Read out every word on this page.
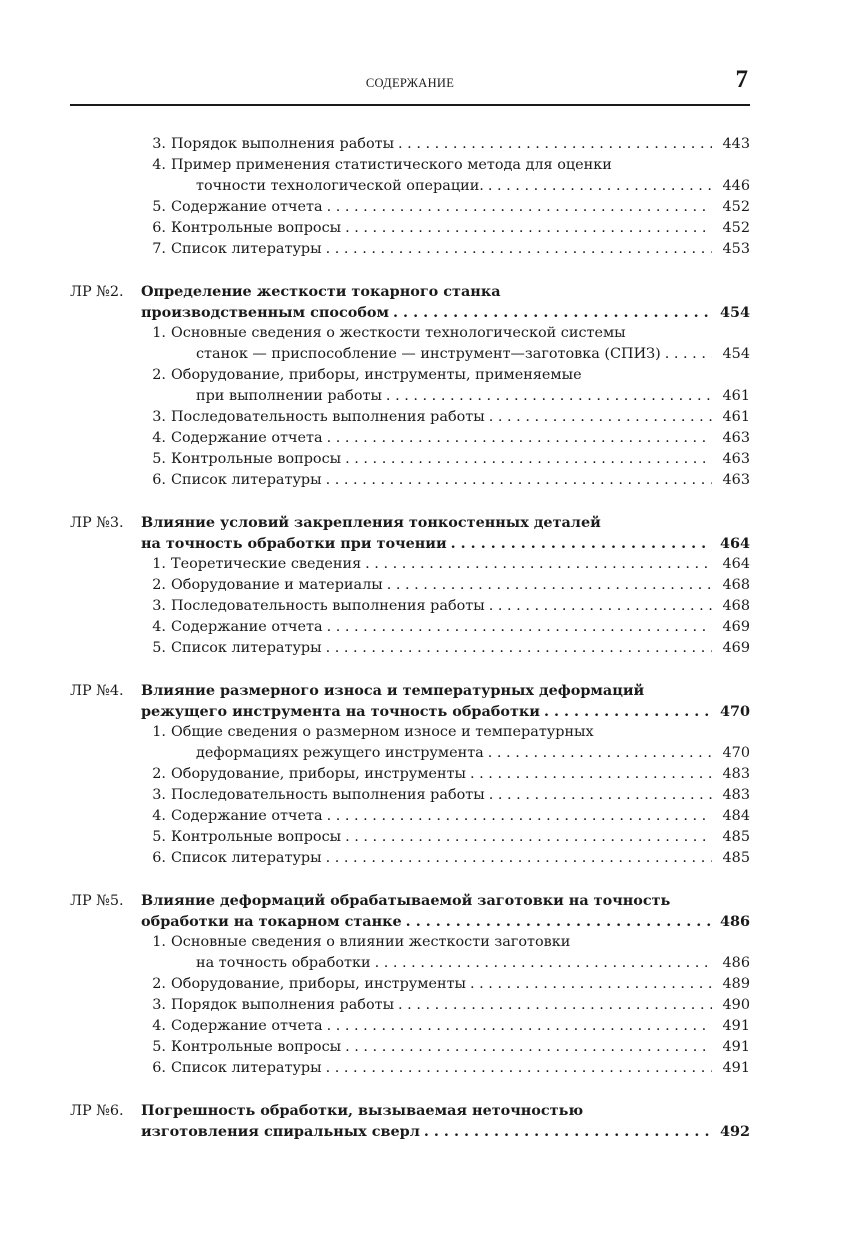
СОДЕРЖАНИЕ	7
3. Порядок выполнения работы . . .	443
4. Пример применения статистического метода для оценки
точности технологической операции. . . .	446
5. Содержание отчета . . .	452
6. Контрольные вопросы . . .	452
7. Список литературы . . .	453
ЛР №2.	Определение жесткости токарного станка
производственным способом . . .	454
1. Основные сведения о жесткости технологической системы
станок — приспособление — инструмент—заготовка (СПИЗ) . . .	454
2. Оборудование, приборы, инструменты, применяемые
при выполнении работы . . .	461
3. Последовательность выполнения работы . . .	461
4. Содержание отчета . . .	463
5. Контрольные вопросы . . .	463
6. Список литературы . . .	463
ЛР №3.	Влияние условий закрепления тонкостенных деталей
на точность обработки при точении . . .	464
1. Теоретические сведения . . .	464
2. Оборудование и материалы . . .	468
3. Последовательность выполнения работы . . .	468
4. Содержание отчета . . .	469
5. Список литературы . . .	469
ЛР №4.	Влияние размерного износа и температурных деформаций
режущего инструмента на точность обработки . . .	470
1. Общие сведения о размерном износе и температурных
деформациях режущего инструмента . . .	470
2. Оборудование, приборы, инструменты . . .	483
3. Последовательность выполнения работы . . .	483
4. Содержание отчета . . .	484
5. Контрольные вопросы . . .	485
6. Список литературы . . .	485
ЛР №5.	Влияние деформаций обрабатываемой заготовки на точность
обработки на токарном станке . . .	486
1. Основные сведения о влиянии жесткости заготовки
на точность обработки . . .	486
2. Оборудование, приборы, инструменты . . .	489
3. Порядок выполнения работы . . .	490
4. Содержание отчета . . .	491
5. Контрольные вопросы . . .	491
6. Список литературы . . .	491
ЛР №6.	Погрешность обработки, вызываемая неточностью
изготовления спиральных сверл . . .	492
